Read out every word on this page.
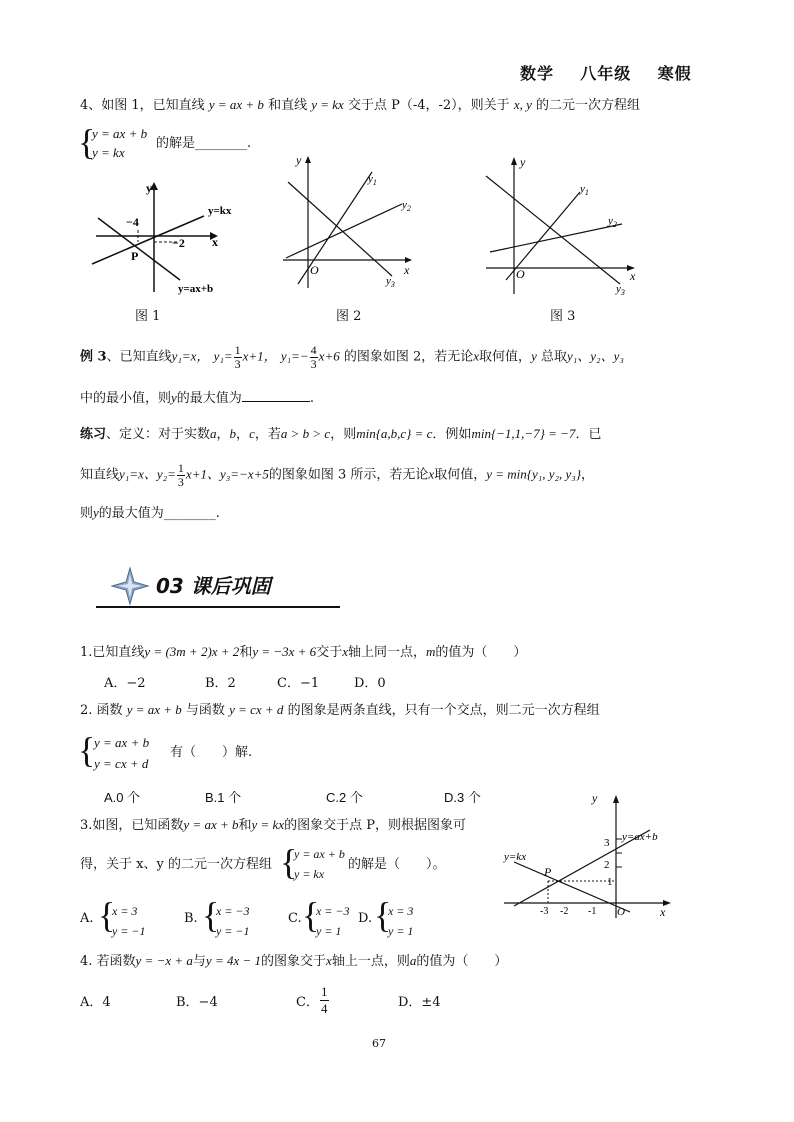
数学 八年级 寒假
4、如图 1，已知直线 y = ax + b 和直线 y = kx 交于点 P（-4，-2），则关于 x, y 的二元一次方程组
{
y = ax + b
y = kx
的解是________.
y
x
−4
−2
P
y=kx
y=ax+b
图 1
y
x
O
$y_1$
$y_2$
$y_3$
图 2
y
x
O
$y_1$
$y_2$
$y_3$
图 3
例 3、已知直线y₁=x， $y_1= \frac{1}{3} x+1$， $y_1=- \frac{4}{3} x+6$ 的图象如图 2，若无论x取何值，y 总取y₁、y₂、y₃
中的最小值，则y的最大值为	.
练习、定义：对于实数a，b，c，若a > b > c，则min{a,b,c} = c．例如min{−1,1,−7} = −7．已
知直线y₁=x、$y_2= \frac{1}{3} x+1$、y₃=−x+5的图象如图 3 所示，若无论x取何值，y = min{y₁, y₂, y₃}，
则y的最大值为________.
03 课后巩固
1.已知直线y = (3m + 2)x + 2和y = −3x + 6交于x轴上同一点，m的值为（　　）
A．−2	B．2	C．−1	D．0
2. 函数 y = ax + b 与函数 y = cx + d 的图象是两条直线，只有一个交点，则二元一次方程组
{
y = ax + b
y = cx + d
有（　　）解.
A.0 个	B.1 个	C.2 个	D.3 个
3.如图，已知函数y = ax + b和y = kx的图象交于点 P，则根据图象可
得，关于 x、y 的二元一次方程组 {
y = ax + b
y = kx
的解是（　　）。
A. {
x = 3
y = −1
B. {
x = −3
y = −1
C. {
x = −3
y = 1
D. {
x = 3
y = 1
y
x
O
P
3
2
1
-3 -2 -1
y=kx
y=ax+b
4. 若函数y = −x + a与y = 4x − 1的图象交于x轴上一点，则a的值为（　　）
A．4	B．−4	C．
1
4	D．±4
67
